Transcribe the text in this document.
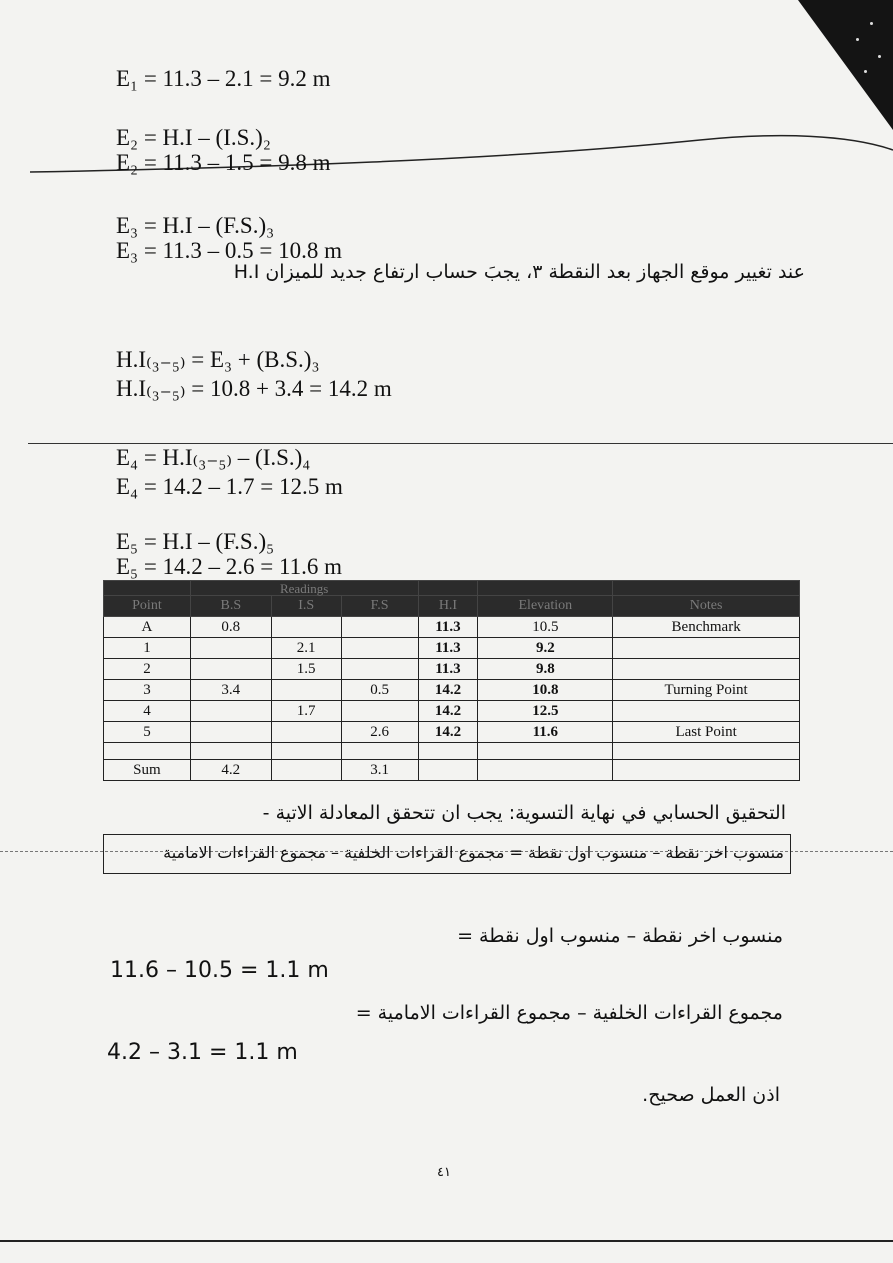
E₁ = 11.3 – 2.1 = 9.2 m
E₂ = H.I – (I.S.)₂
E₂ = 11.3 – 1.5 = 9.8 m
E₃ = H.I – (F.S.)₃
E₃ = 11.3 – 0.5 = 10.8 m
عند تغيير موقع الجهاز بعد النقطة ٣، يجبَ حساب ارتفاع جديد للميزان H.I
H.I₍₃₋₅₎ = E₃ + (B.S.)₃
H.I₍₃₋₅₎ = 10.8 + 3.4 = 14.2 m
E₄ = H.I₍₃₋₅₎ – (I.S.)₄
E₄ = 14.2 – 1.7 = 12.5 m
E₅ = H.I – (F.S.)₅
E₅ = 14.2 – 2.6 = 11.6 m
	Readings					
Point	B.S	I.S	F.S	H.I	Elevation	Notes
A	0.8			11.3	10.5	Benchmark
1		2.1		11.3	9.2	
2		1.5		11.3	9.8	
3	3.4		0.5	14.2	10.8	Turning Point
4		1.7		14.2	12.5	
5			2.6	14.2	11.6	Last Point

Sum	4.2		3.1			
التحقيق الحسابي في نهاية التسوية: يجب ان تتحقق المعادلة الاتية -
منسوب اخر نقطة – منسوب اول نقطة = مجموع القراءات الخلفية – مجموع القراءات الامامية
منسوب اخر نقطة – منسوب اول نقطة =
11.6 – 10.5 = 1.1 m
مجموع القراءات الخلفية – مجموع القراءات الامامية =
4.2 – 3.1 = 1.1 m
اذن العمل صحيح.
٤١
